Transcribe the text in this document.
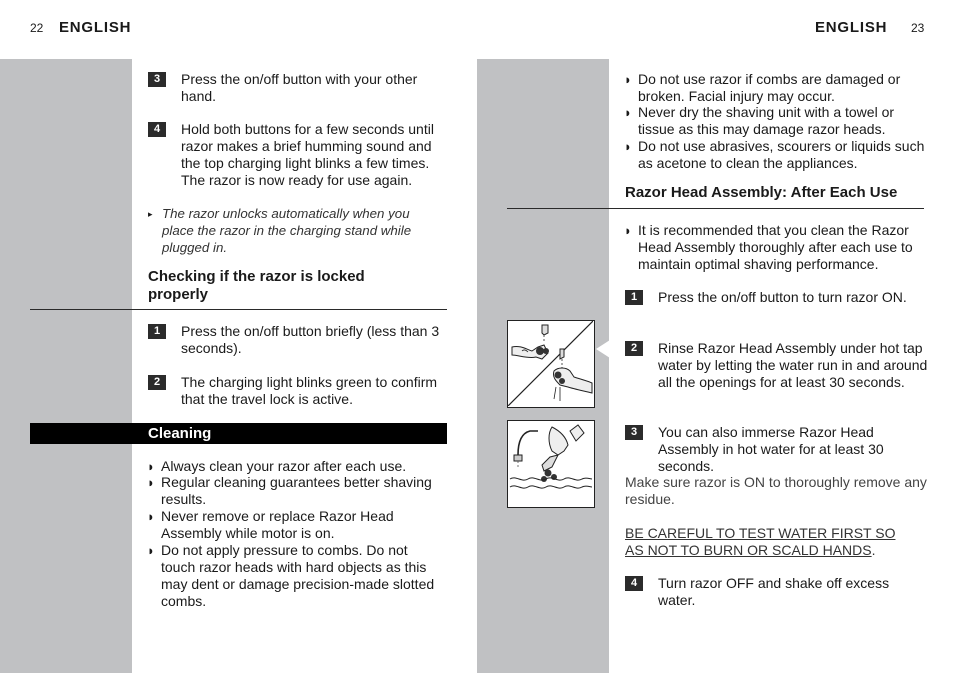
22 ENGLISH
3	Press the on/off button with your other hand.
4	Hold both buttons for a few seconds until razor makes a brief humming sound and the top charging light blinks a few times. The razor is now ready for use again.
▸ The razor unlocks automatically when you place the razor in the charging stand while plugged in.
Checking if the razor is locked properly
1	Press the on/off button briefly (less than 3 seconds).
2	The charging light blinks green to confirm that the travel lock is active.
Cleaning
◗ Always clean your razor after each use.
◗ Regular cleaning guarantees better shaving results.
◗ Never remove or replace Razor Head Assembly while motor is on.
◗ Do not apply pressure to combs. Do not touch razor heads with hard objects as this may dent or damage precision-made slotted combs.
ENGLISH 23
◗ Do not use razor if combs are damaged or broken. Facial injury may occur.
◗ Never dry the shaving unit with a towel or tissue as this may damage razor heads.
◗ Do not use abrasives, scourers or liquids such as acetone to clean the appliances.
Razor Head Assembly: After Each Use
◗ It is recommended that you clean the Razor Head Assembly thoroughly after each use to maintain optimal shaving performance.
1	Press the on/off button to turn razor ON.
2	Rinse Razor Head Assembly under hot tap water by letting the water run in and around all the openings for at least 30 seconds.
3	You can also immerse Razor Head Assembly in hot water for at least 30 seconds.
Make sure razor is ON to thoroughly remove any residue.
BE CAREFUL TO TEST WATER FIRST SO AS NOT TO BURN OR SCALD HANDS.
4	Turn razor OFF and shake off excess water.
